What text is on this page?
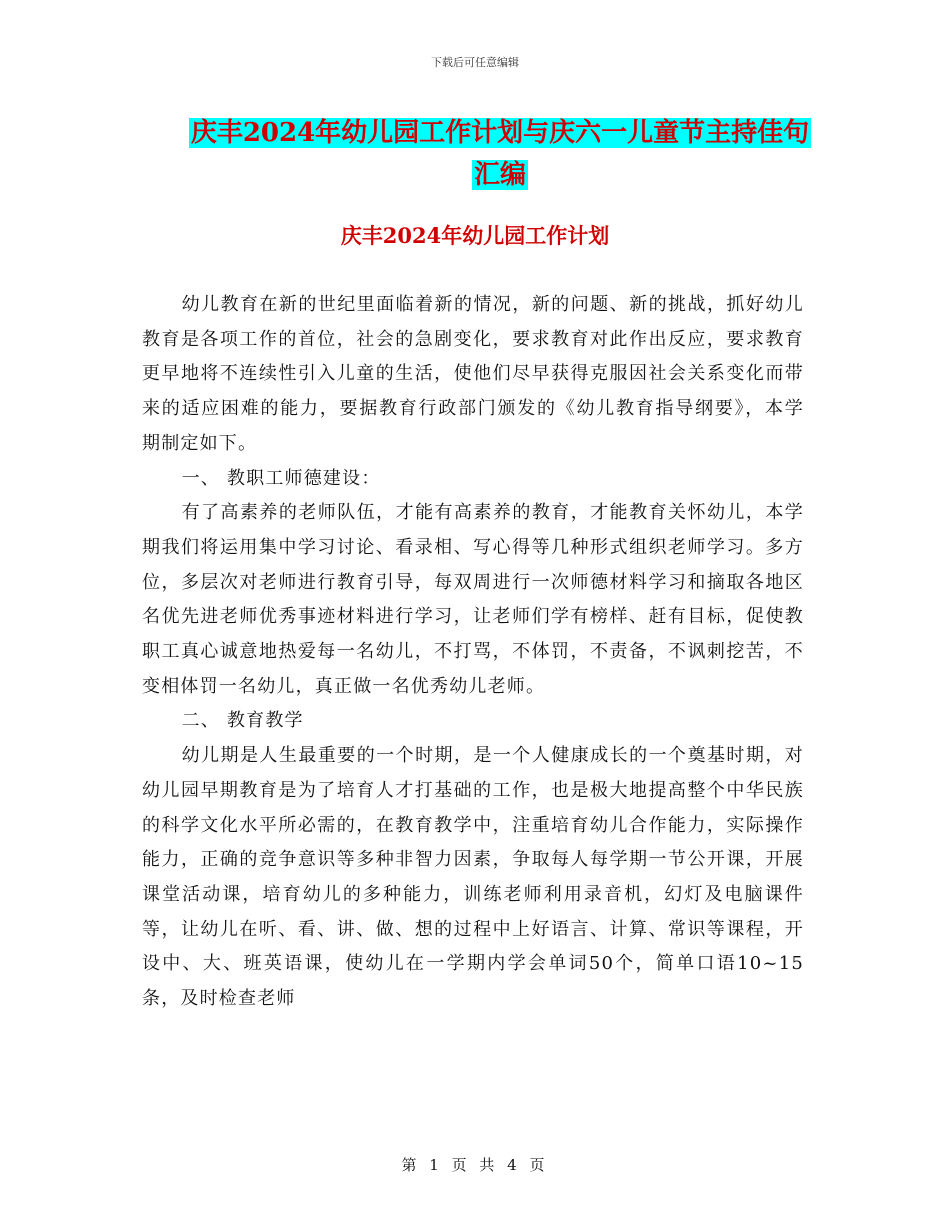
下载后可任意编辑
庆丰2024年幼儿园工作计划与庆六一儿童节主持佳句
汇编
庆丰2024年幼儿园工作计划

幼儿教育在新的世纪里面临着新的情况，新的问题、新的挑战，抓好幼儿教育是各项工作的首位，社会的急剧变化，要求教育对此作出反应，要求教育更早地将不连续性引入儿童的生活，使他们尽早获得克服因社会关系变化而带来的适应困难的能力，要据教育行政部门颁发的《幼儿教育指导纲要》，本学期制定如下。

一、 教职工师德建设：

有了高素养的老师队伍，才能有高素养的教育，才能教育关怀幼儿，本学期我们将运用集中学习讨论、看录相、写心得等几种形式组织老师学习。多方位，多层次对老师进行教育引导，每双周进行一次师德材料学习和摘取各地区名优先进老师优秀事迹材料进行学习，让老师们学有榜样、赶有目标，促使教职工真心诚意地热爱每一名幼儿，不打骂，不体罚，不责备，不讽刺挖苦，不变相体罚一名幼儿，真正做一名优秀幼儿老师。

二、 教育教学

幼儿期是人生最重要的一个时期，是一个人健康成长的一个奠基时期，对幼儿园早期教育是为了培育人才打基础的工作，也是极大地提高整个中华民族的科学文化水平所必需的，在教育教学中，注重培育幼儿合作能力，实际操作能力，正确的竞争意识等多种非智力因素，争取每人每学期一节公开课，开展课堂活动课，培育幼儿的多种能力，训练老师利用录音机，幻灯及电脑课件等，让幼儿在听、看、讲、做、想的过程中上好语言、计算、常识等课程，开设中、大、班英语课，使幼儿在一学期内学会单词50个，简单口语10~15条，及时检查老师

第 1 页 共 4 页
